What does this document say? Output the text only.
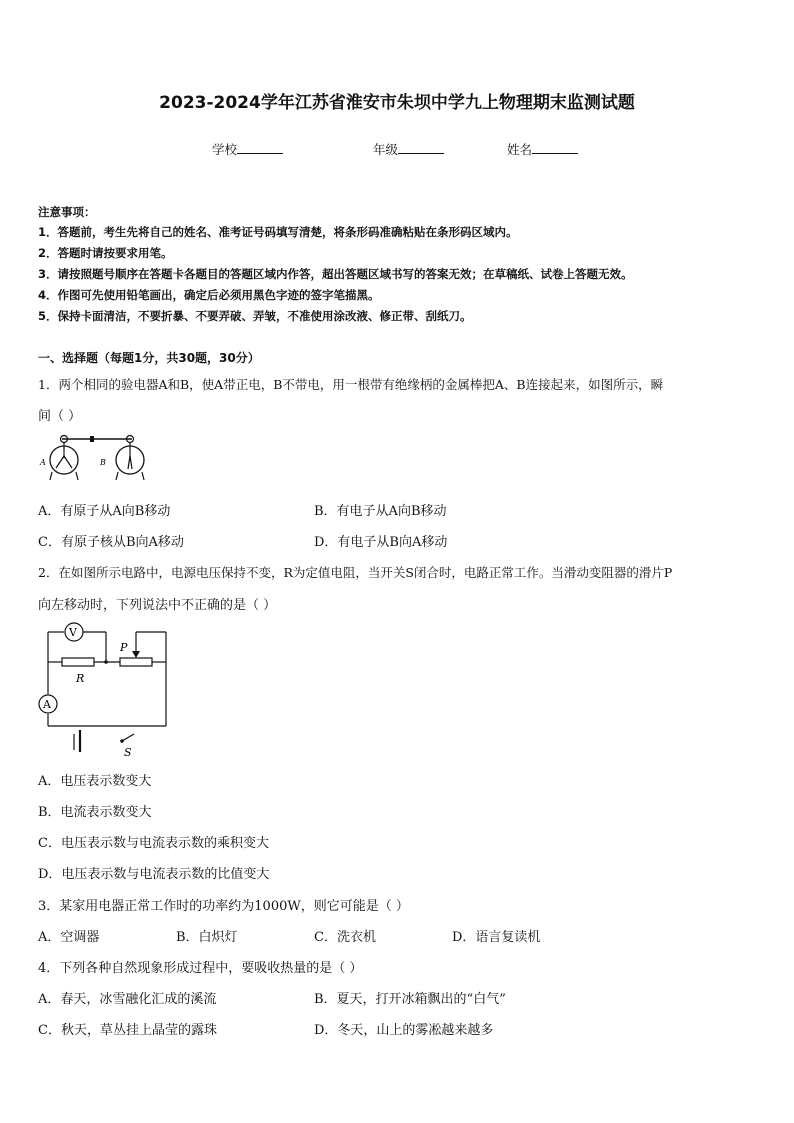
2023-2024学年江苏省淮安市朱坝中学九上物理期末监测试题
学校	年级	姓名
注意事项：
1．答题前，考生先将自己的姓名、准考证号码填写清楚，将条形码准确粘贴在条形码区域内。
2．答题时请按要求用笔。
3．请按照题号顺序在答题卡各题目的答题区域内作答，超出答题区域书写的答案无效；在草稿纸、试卷上答题无效。
4．作图可先使用铅笔画出，确定后必须用黑色字迹的签字笔描黑。
5．保持卡面清洁，不要折暴、不要弄破、弄皱，不准使用涂改液、修正带、刮纸刀。
一、选择题（每题1分，共30题，30分）
1．两个相同的验电器A和B，使A带正电，B不带电，用一根带有绝缘柄的金属棒把A、B连接起来，如图所示，瞬
间（ ）
A	B
A．有原子从A向B移动	B．有电子从A向B移动
C．有原子核从B向A移动	D．有电子从B向A移动
2．在如图所示电路中，电源电压保持不变，R为定值电阻，当开关S闭合时，电路正常工作。当滑动变阻器的滑片P
向左移动时，下列说法中不正确的是（ ）
V
R
P
A
S
A．电压表示数变大
B．电流表示数变大
C．电压表示数与电流表示数的乘积变大
D．电压表示数与电流表示数的比值变大
3．某家用电器正常工作时的功率约为1000W，则它可能是（ ）
A．空调器	B．白炽灯	C．洗衣机	D．语言复读机
4．下列各种自然现象形成过程中，要吸收热量的是（ ）
A．春天，冰雪融化汇成的溪流	B．夏天，打开冰箱飘出的“白气”
C．秋天，草丛挂上晶莹的露珠	D．冬天，山上的雾凇越来越多
